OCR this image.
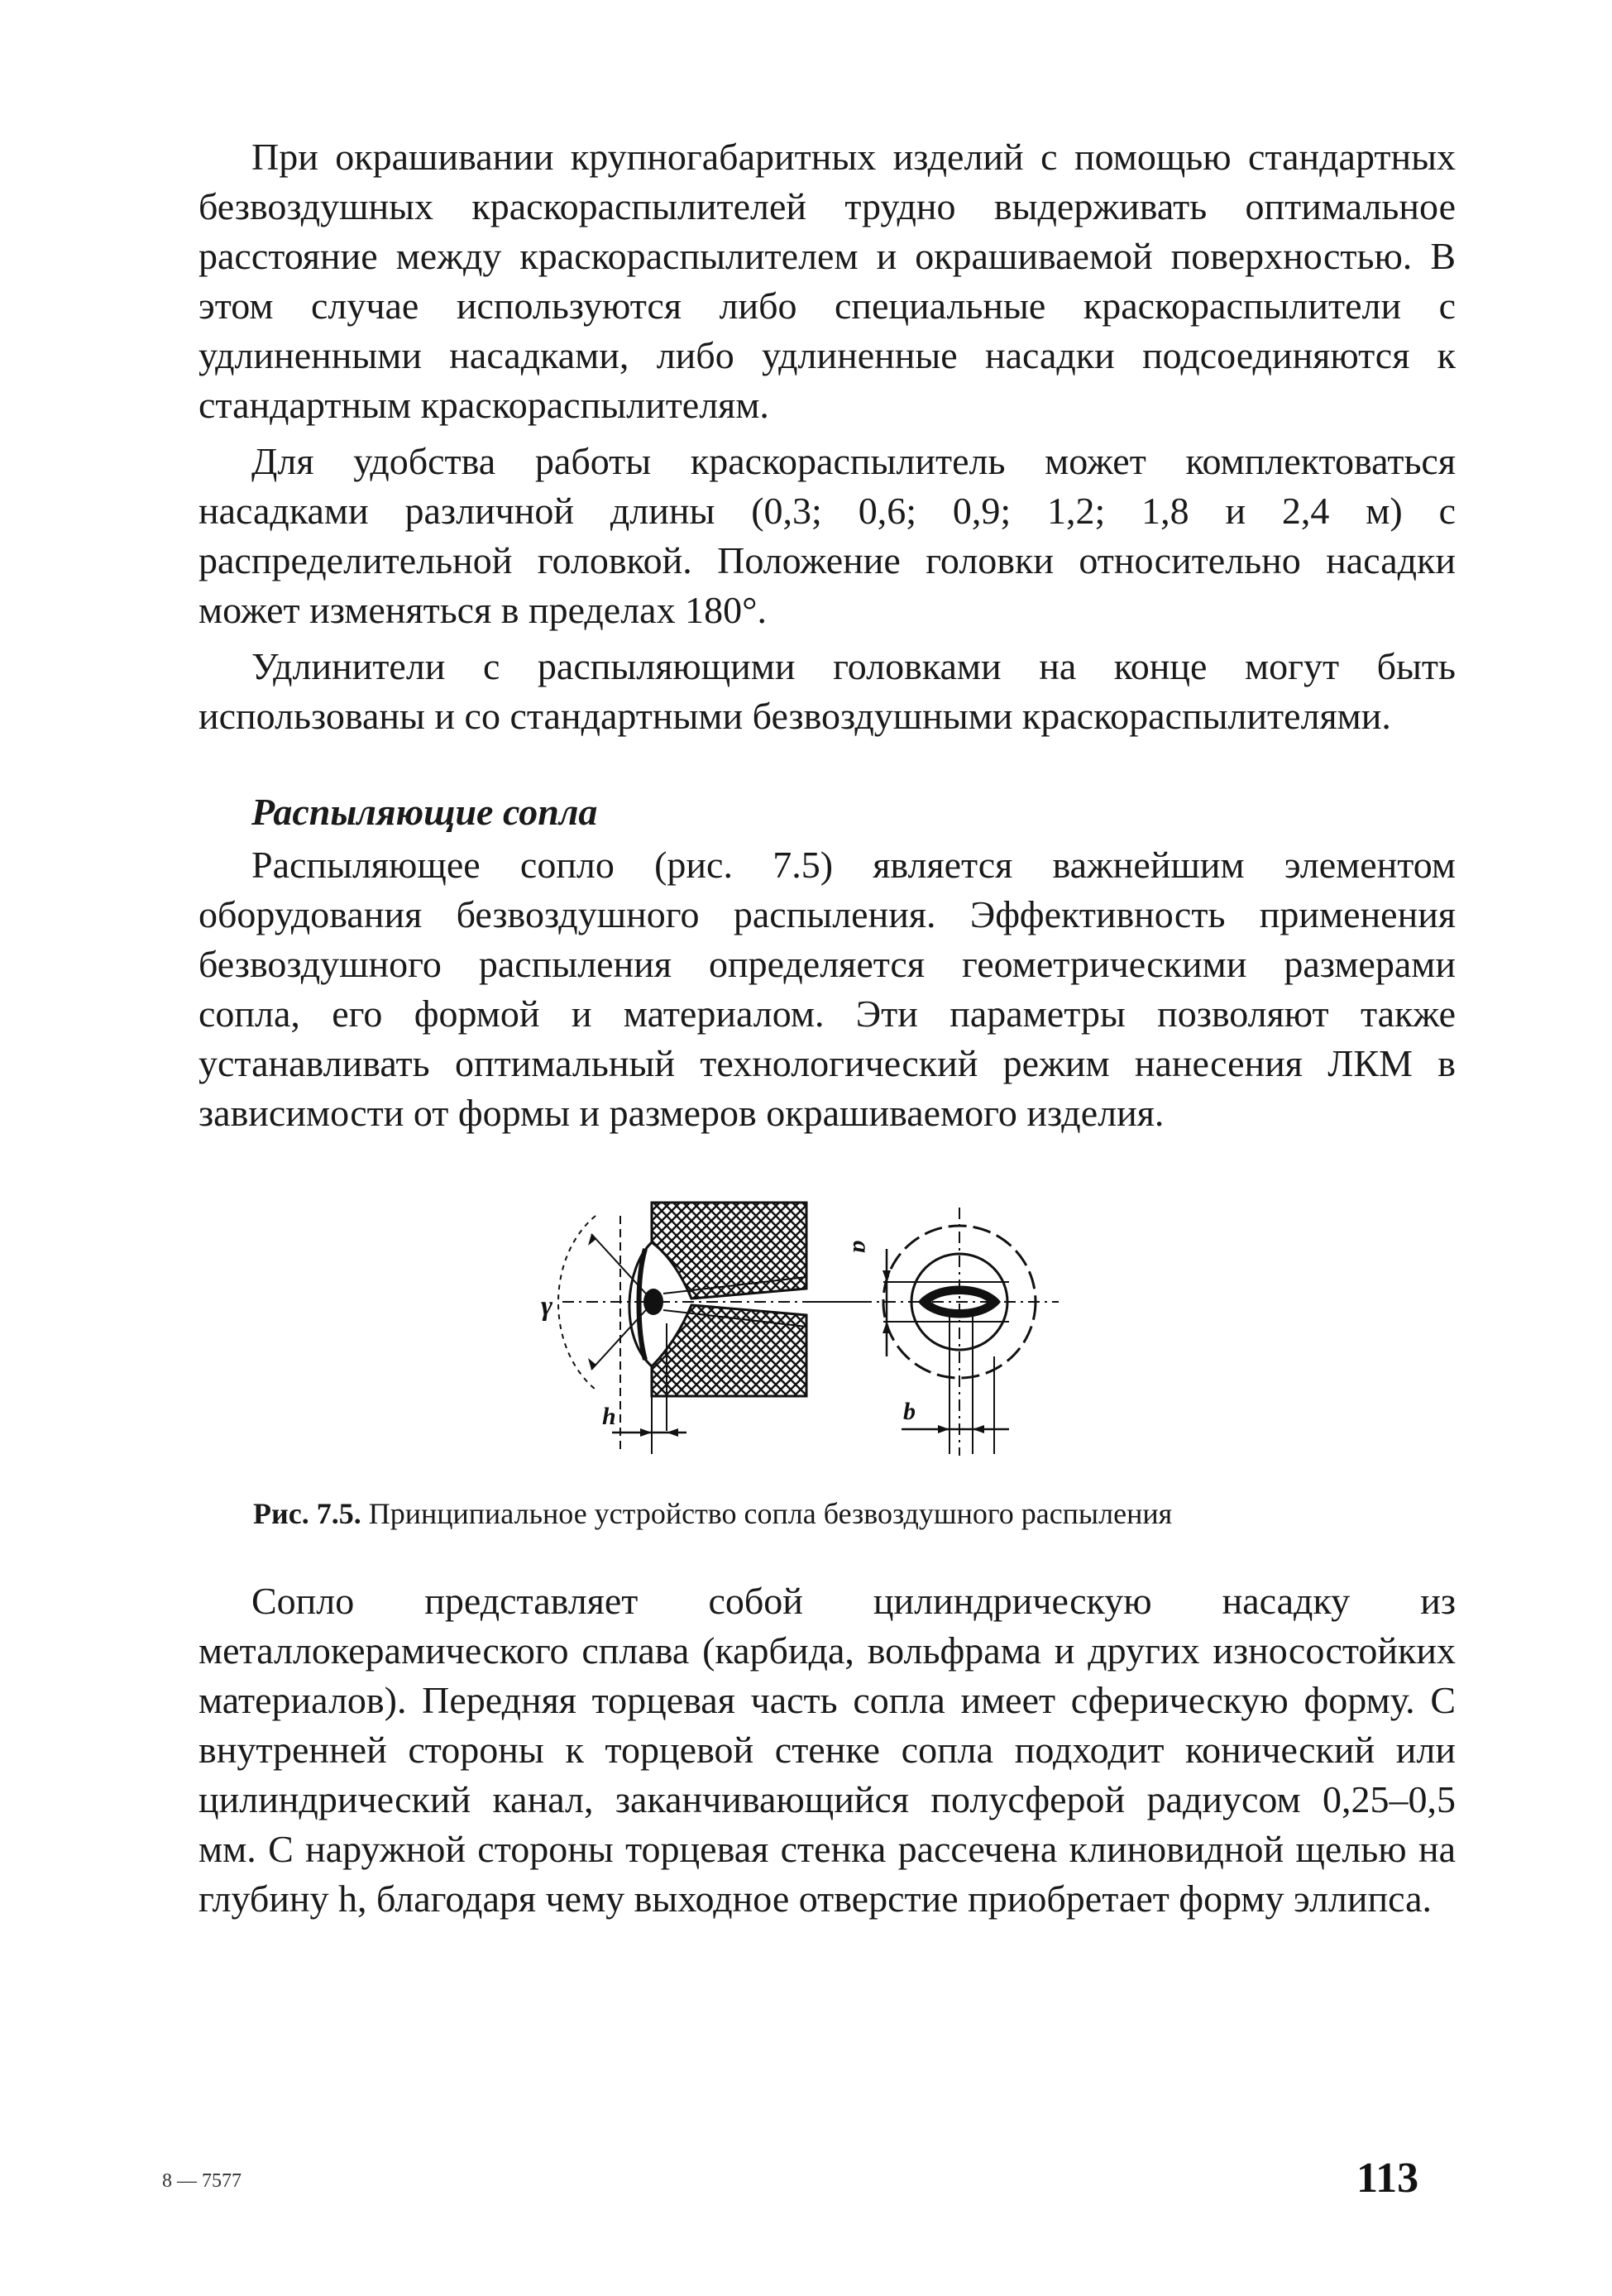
При окрашивании крупногабаритных изделий с помощью стандартных безвоздушных краскораспылителей трудно выдерживать оптимальное расстояние между краскораспылителем и окрашиваемой поверхностью. В этом случае используются либо специальные краскораспылители с удлиненными насадками, либо удлиненные насадки подсоединяются к стандартным краскораспылителям.

Для удобства работы краскораспылитель может комплектоваться насадками различной длины (0,3; 0,6; 0,9; 1,2; 1,8 и 2,4 м) с распределительной головкой. Положение головки относительно насадки может изменяться в пределах 180°.

Удлинители с распыляющими головками на конце могут быть использованы и со стандартными безвоздушными краскораспылителями.

Распыляющие сопла

Распыляющее сопло (рис. 7.5) является важнейшим элементом оборудования безвоздушного распыления. Эффективность применения безвоздушного распыления определяется геометрическими размерами сопла, его формой и материалом. Эти параметры позволяют также устанавливать оптимальный технологический режим нанесения ЛКМ в зависимости от формы и размеров окрашиваемого изделия.

h
γ
a
b

Рис. 7.5. Принципиальное устройство сопла безвоздушного распыления

Сопло представляет собой цилиндрическую насадку из металлокерамического сплава (карбида, вольфрама и других износостойких материалов). Передняя торцевая часть сопла имеет сферическую форму. С внутренней стороны к торцевой стенке сопла подходит конический или цилиндрический канал, заканчивающийся полусферой радиусом 0,25–0,5 мм. С наружной стороны торцевая стенка рассечена клиновидной щелью на глубину h, благодаря чему выходное отверстие приобретает форму эллипса.

8 — 7577	113
